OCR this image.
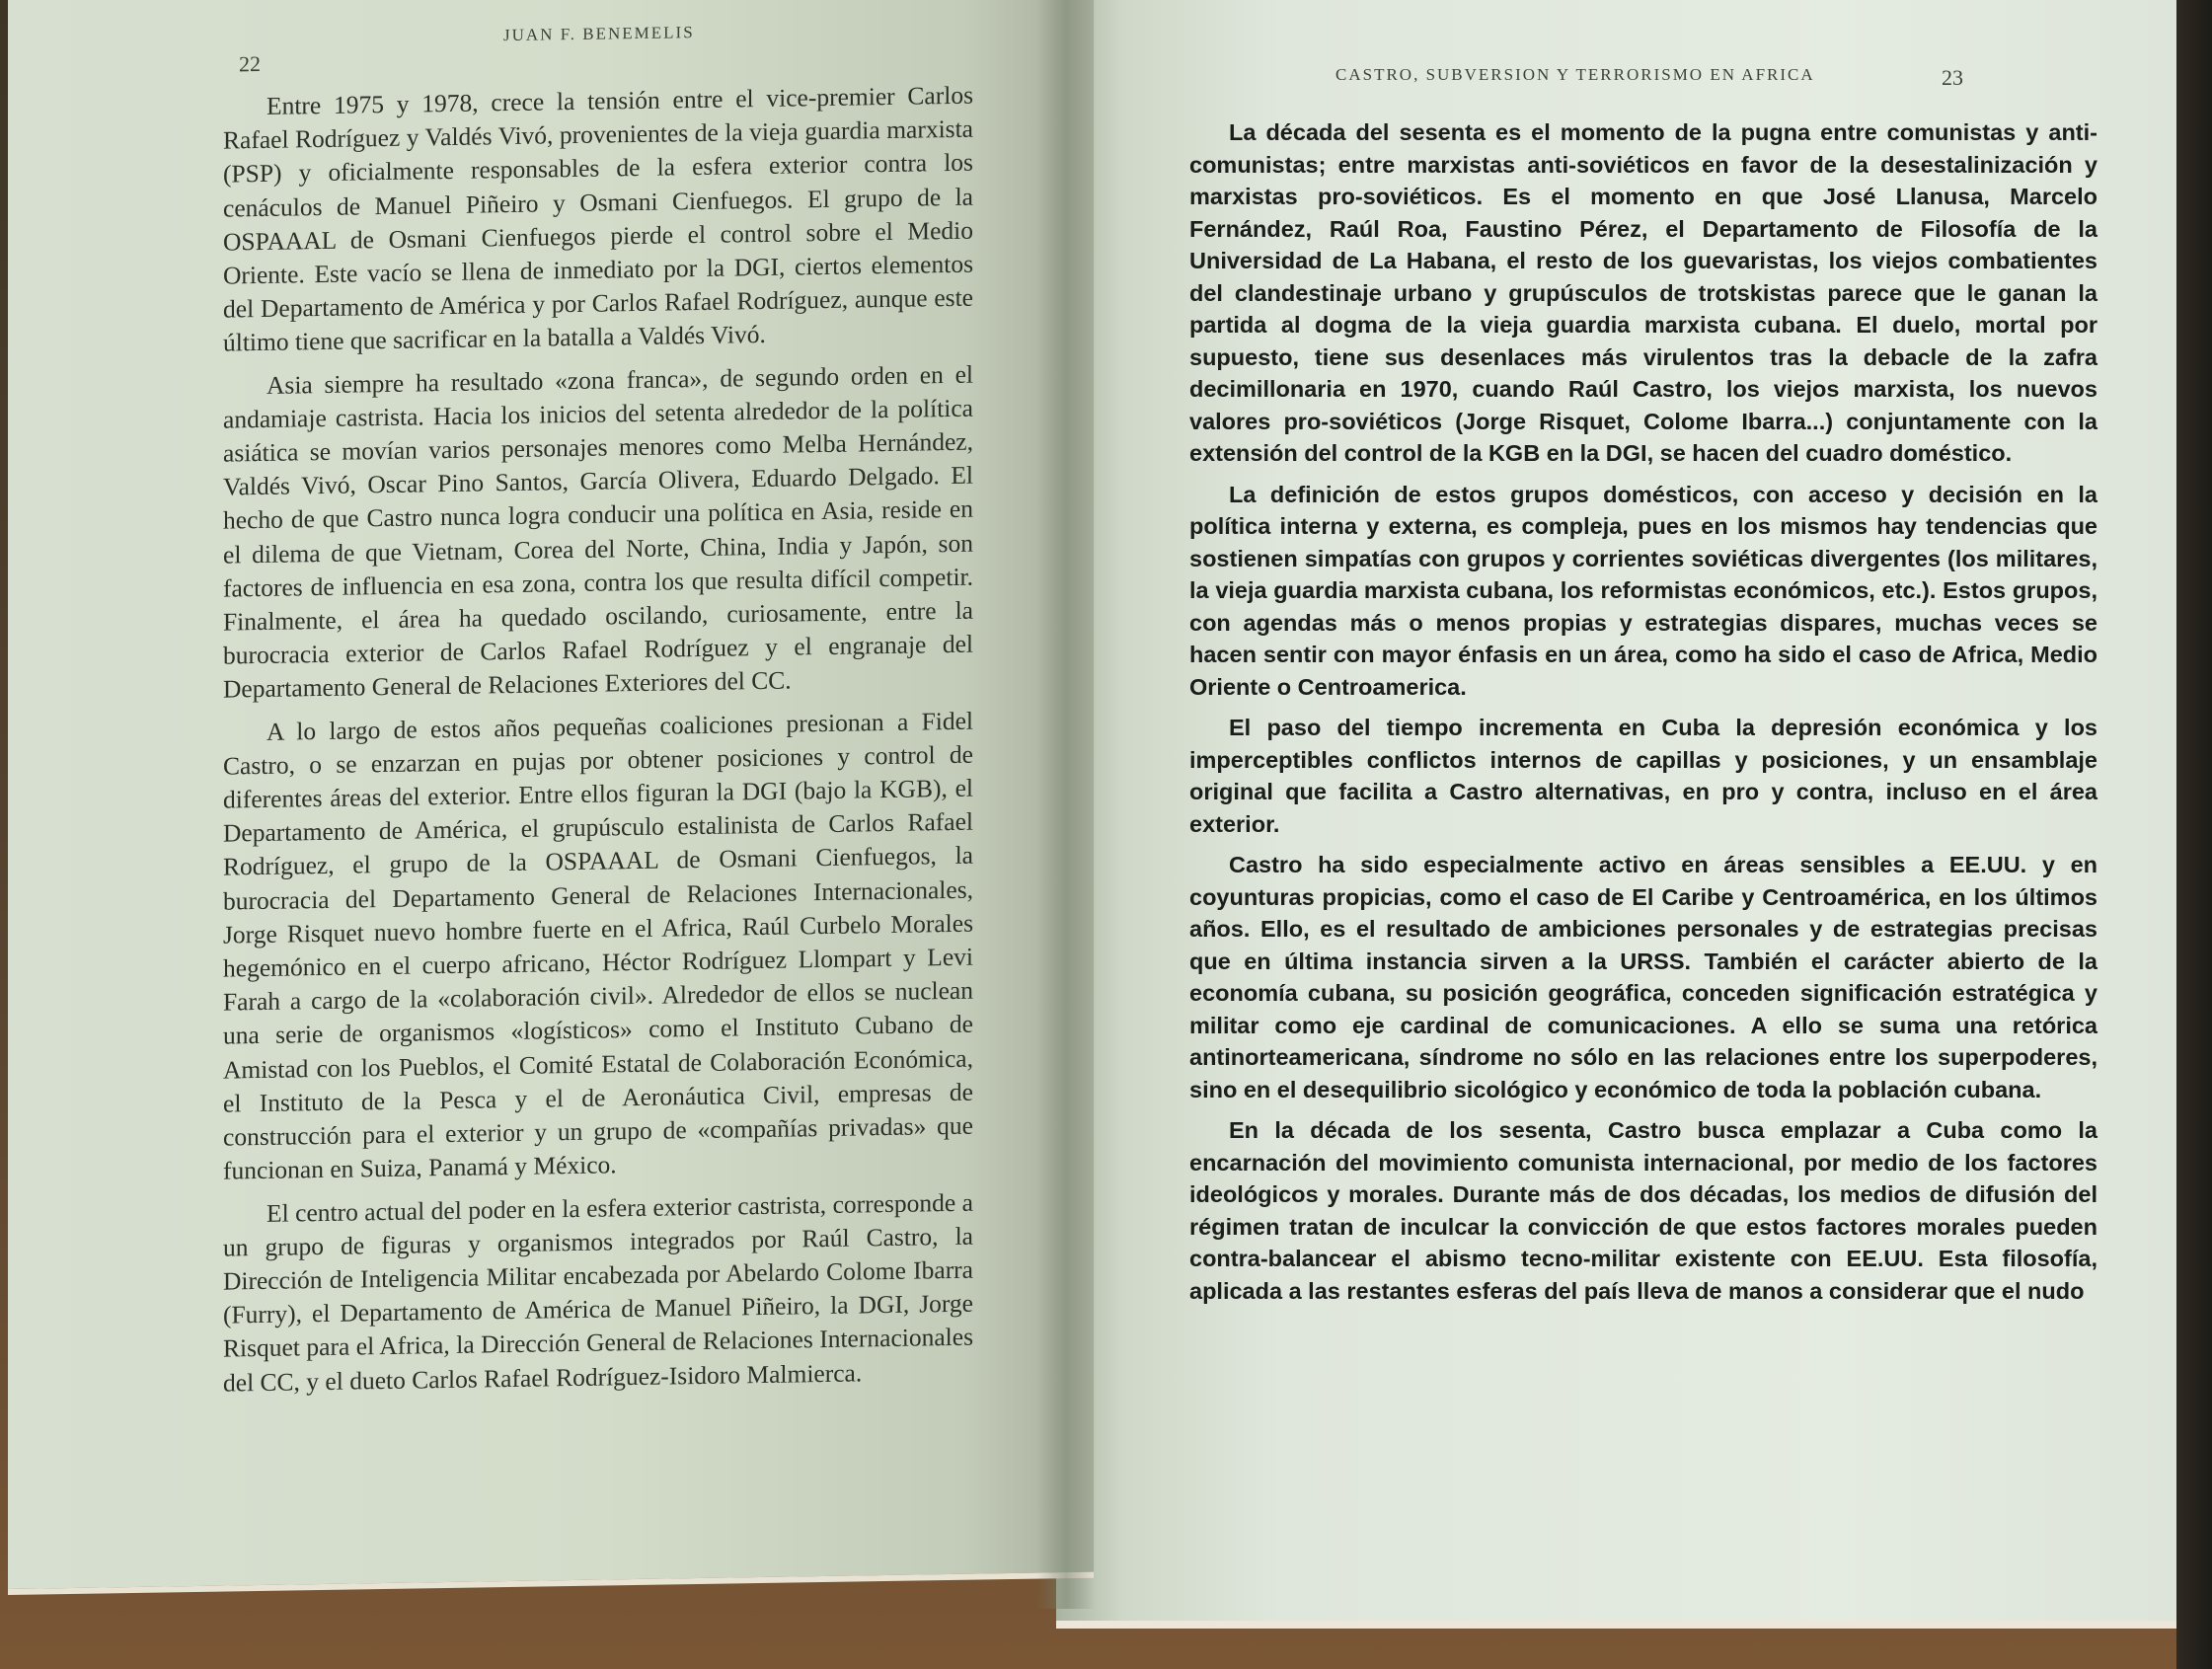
CASTRO, SUBVERSION Y TERRORISMO EN AFRICA	23

La década del sesenta es el momento de la pugna entre comunistas y anti-comunistas; entre marxistas anti-soviéticos en favor de la desestalinización y marxistas pro-soviéticos. Es el momento en que José Llanusa, Marcelo Fernández, Raúl Roa, Faustino Pérez, el Departamento de Filosofía de la Universidad de La Habana, el resto de los guevaristas, los viejos combatientes del clandestinaje urbano y grupúsculos de trotskistas parece que le ganan la partida al dogma de la vieja guardia marxista cubana. El duelo, mortal por supuesto, tiene sus desenlaces más virulentos tras la debacle de la zafra decimillonaria en 1970, cuando Raúl Castro, los viejos marxista, los nuevos valores pro-soviéticos (Jorge Risquet, Colome Ibarra...) conjuntamente con la extensión del control de la KGB en la DGI, se hacen del cuadro doméstico.

La definición de estos grupos domésticos, con acceso y decisión en la política interna y externa, es compleja, pues en los mismos hay tendencias que sostienen simpatías con grupos y corrientes soviéticas divergentes (los militares, la vieja guardia marxista cubana, los reformistas económicos, etc.). Estos grupos, con agendas más o menos propias y estrategias dispares, muchas veces se hacen sentir con mayor énfasis en un área, como ha sido el caso de Africa, Medio Oriente o Centroamerica.

El paso del tiempo incrementa en Cuba la depresión económica y los imperceptibles conflictos internos de capillas y posiciones, y un ensamblaje original que facilita a Castro alternativas, en pro y contra, incluso en el área exterior.

Castro ha sido especialmente activo en áreas sensibles a EE.UU. y en coyunturas propicias, como el caso de El Caribe y Centroamérica, en los últimos años. Ello, es el resultado de ambiciones personales y de estrategias precisas que en última instancia sirven a la URSS. También el carácter abierto de la economía cubana, su posición geográfica, conceden significación estratégica y militar como eje cardinal de comunicaciones. A ello se suma una retórica antinorteamericana, síndrome no sólo en las relaciones entre los superpoderes, sino en el desequilibrio sicológico y económico de toda la población cubana.

En la década de los sesenta, Castro busca emplazar a Cuba como la encarnación del movimiento comunista internacional, por medio de los factores ideológicos y morales. Durante más de dos décadas, los medios de difusión del régimen tratan de inculcar la convicción de que estos factores morales pueden contra-balancear el abismo tecno-militar existente con EE.UU. Esta filosofía, aplicada a las restantes esferas del país lleva de manos a considerar que el nudo

22
JUAN F. BENEMELIS

Entre 1975 y 1978, crece la tensión entre el vice-premier Carlos Rafael Rodríguez y Valdés Vivó, provenientes de la vieja guardia marxista (PSP) y oficialmente responsables de la esfera exterior contra los cenáculos de Manuel Piñeiro y Osmani Cienfuegos. El grupo de la OSPAAAL de Osmani Cienfuegos pierde el control sobre el Medio Oriente. Este vacío se llena de inmediato por la DGI, ciertos elementos del Departamento de América y por Carlos Rafael Rodríguez, aunque este último tiene que sacrificar en la batalla a Valdés Vivó.

Asia siempre ha resultado «zona franca», de segundo orden en el andamiaje castrista. Hacia los inicios del setenta alrededor de la política asiática se movían varios personajes menores como Melba Hernández, Valdés Vivó, Oscar Pino Santos, García Olivera, Eduardo Delgado. El hecho de que Castro nunca logra conducir una política en Asia, reside en el dilema de que Vietnam, Corea del Norte, China, India y Japón, son factores de influencia en esa zona, contra los que resulta difícil competir. Finalmente, el área ha quedado oscilando, curiosamente, entre la burocracia exterior de Carlos Rafael Rodríguez y el engranaje del Departamento General de Relaciones Exteriores del CC.

A lo largo de estos años pequeñas coaliciones presionan a Fidel Castro, o se enzarzan en pujas por obtener posiciones y control de diferentes áreas del exterior. Entre ellos figuran la DGI (bajo la KGB), el Departamento de América, el grupúsculo estalinista de Carlos Rafael Rodríguez, el grupo de la OSPAAAL de Osmani Cienfuegos, la burocracia del Departamento General de Relaciones Internacionales, Jorge Risquet nuevo hombre fuerte en el Africa, Raúl Curbelo Morales hegemónico en el cuerpo africano, Héctor Rodríguez Llompart y Levi Farah a cargo de la «colaboración civil». Alrededor de ellos se nuclean una serie de organismos «logísticos» como el Instituto Cubano de Amistad con los Pueblos, el Comité Estatal de Colaboración Económica, el Instituto de la Pesca y el de Aeronáutica Civil, empresas de construcción para el exterior y un grupo de «compañías privadas» que funcionan en Suiza, Panamá y México.

El centro actual del poder en la esfera exterior castrista, corresponde a un grupo de figuras y organismos integrados por Raúl Castro, la Dirección de Inteligencia Militar encabezada por Abelardo Colome Ibarra (Furry), el Departamento de América de Manuel Piñeiro, la DGI, Jorge Risquet para el Africa, la Dirección General de Relaciones Internacionales del CC, y el dueto Carlos Rafael Rodríguez-Isidoro Malmierca.
